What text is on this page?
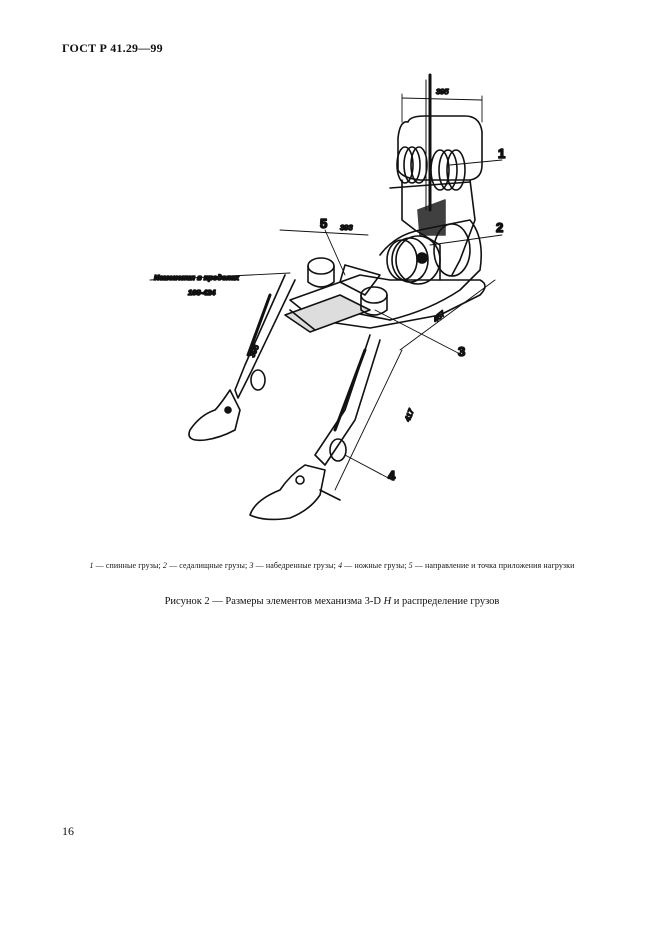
ГОСТ Р 41.29—99
1
2
3
4
5
395
393
457
417
395
Изменения в пределах
108-424
1 — спинные грузы; 2 — седалищные грузы; 3 — набедренные грузы; 4 — ножные грузы; 5 — направление и точка приложения нагрузки
Рисунок 2 — Размеры элементов механизма 3-D H и распределение грузов
16
